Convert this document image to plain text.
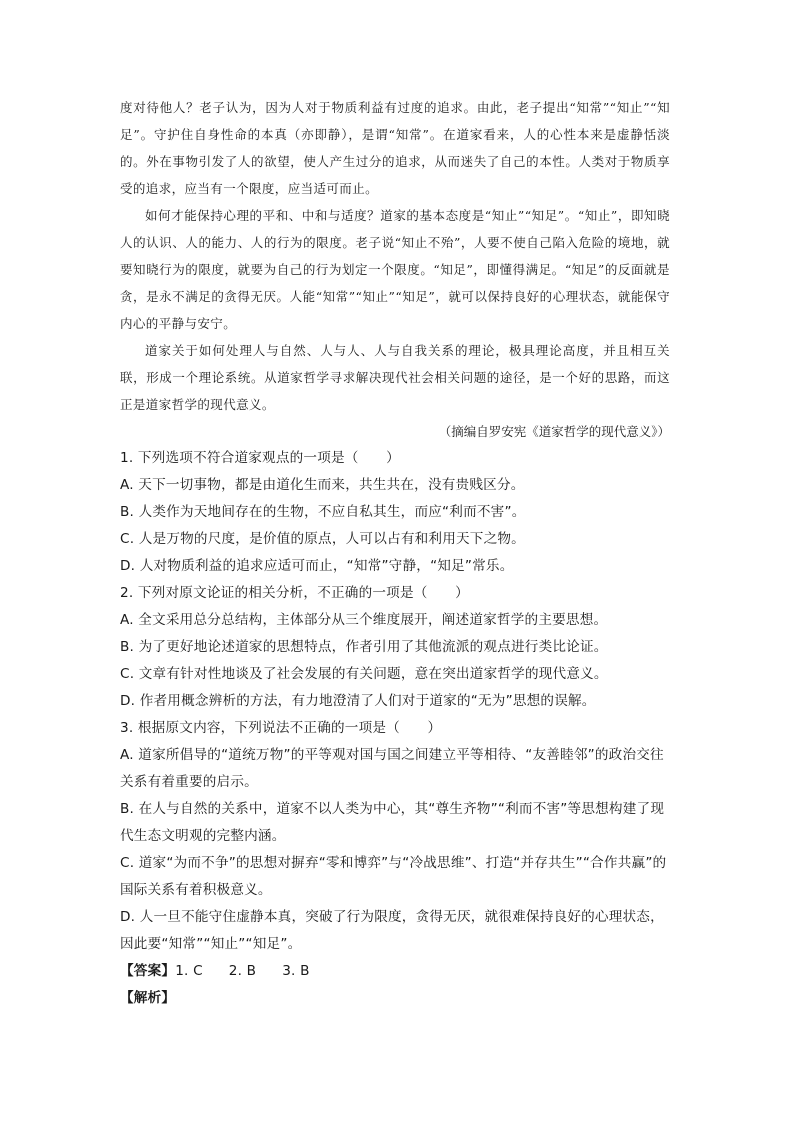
度对待他人？老子认为，因为人对于物质利益有过度的追求。由此，老子提出“知常”“知止”“知足”。守护住自身性命的本真（亦即静），是谓“知常”。在道家看来，人的心性本来是虚静恬淡的。外在事物引发了人的欲望，使人产生过分的追求，从而迷失了自己的本性。人类对于物质享受的追求，应当有一个限度，应当适可而止。

如何才能保持心理的平和、中和与适度？道家的基本态度是“知止”“知足”。“知止”，即知晓人的认识、人的能力、人的行为的限度。老子说“知止不殆”，人要不使自己陷入危险的境地，就要知晓行为的限度，就要为自己的行为划定一个限度。“知足”，即懂得满足。“知足”的反面就是贪，是永不满足的贪得无厌。人能“知常”“知止”“知足”，就可以保持良好的心理状态，就能保守内心的平静与安宁。

道家关于如何处理人与自然、人与人、人与自我关系的理论，极具理论高度，并且相互关联，形成一个理论系统。从道家哲学寻求解决现代社会相关问题的途径，是一个好的思路，而这正是道家哲学的现代意义。

（摘编自罗安宪《道家哲学的现代意义》）

1. 下列选项不符合道家观点的一项是（　　）

A. 天下一切事物，都是由道化生而来，共生共在，没有贵贱区分。

B. 人类作为天地间存在的生物，不应自私其生，而应“利而不害”。

C. 人是万物的尺度，是价值的原点，人可以占有和利用天下之物。

D. 人对物质利益的追求应适可而止，“知常”守静，“知足”常乐。

2. 下列对原文论证的相关分析，不正确的一项是（　　）

A. 全文采用总分总结构，主体部分从三个维度展开，阐述道家哲学的主要思想。

B. 为了更好地论述道家的思想特点，作者引用了其他流派的观点进行类比论证。

C. 文章有针对性地谈及了社会发展的有关问题，意在突出道家哲学的现代意义。

D. 作者用概念辨析的方法，有力地澄清了人们对于道家的“无为”思想的误解。

3. 根据原文内容，下列说法不正确的一项是（　　）

A. 道家所倡导的“道统万物”的平等观对国与国之间建立平等相待、“友善睦邻”的政治交往关系有着重要的启示。

B. 在人与自然的关系中，道家不以人类为中心，其“尊生齐物”“利而不害”等思想构建了现代生态文明观的完整内涵。

C. 道家“为而不争”的思想对摒弃“零和博弈”与“冷战思维”、打造“并存共生”“合作共赢”的国际关系有着积极意义。

D. 人一旦不能守住虚静本真，突破了行为限度，贪得无厌，就很难保持良好的心理状态，因此要“知常”“知止”“知足”。

【答案】1. C 2. B 3. B

【解析】
